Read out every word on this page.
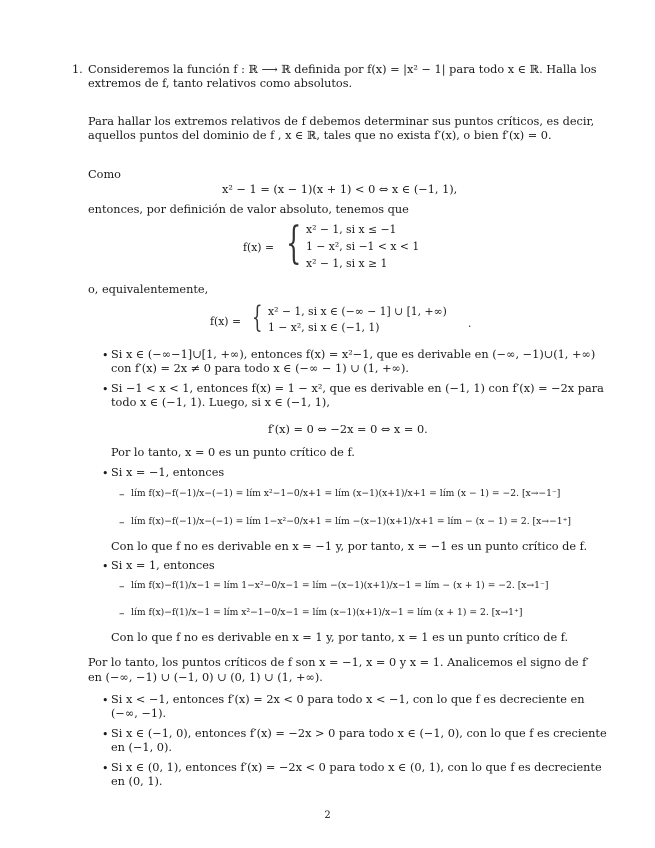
1. Consideremos la función f : ℝ ⟶ ℝ definida por f(x) = |x² − 1| para todo x ∈ ℝ. Halla los
extremos de f, tanto relativos como absolutos.
Para hallar los extremos relativos de f debemos determinar sus puntos críticos, es decir,
aquellos puntos del dominio de f , x ∈ ℝ, tales que no exista f′(x), o bien f′(x) = 0.
Como
x² − 1 = (x − 1)(x + 1) < 0 ⇔ x ∈ (−1, 1),
entonces, por definición de valor absoluto, tenemos que
f(x) = { x² − 1, si x ≤ −1
1 − x², si −1 < x < 1
x² − 1, si x ≥ 1
o, equivalentemente,
f(x) = { x² − 1, si x ∈ (−∞ − 1] ∪ [1, +∞)
1 − x², si x ∈ (−1, 1)	.
• Si x ∈ (−∞−1]∪[1, +∞), entonces f(x) = x²−1, que es derivable en (−∞, −1)∪(1, +∞)
con f′(x) = 2x ≠ 0 para todo x ∈ (−∞ − 1) ∪ (1, +∞).
• Si −1 < x < 1, entonces f(x) = 1 − x², que es derivable en (−1, 1) con f′(x) = −2x para
todo x ∈ (−1, 1). Luego, si x ∈ (−1, 1),
f′(x) = 0 ⇔ −2x = 0 ⇔ x = 0.
Por lo tanto, x = 0 es un punto crítico de f.
• Si x = −1, entonces
– lím f(x)−f(−1)/x−(−1) = lím x²−1−0/x+1 = lím (x−1)(x+1)/x+1 = lím (x − 1) = −2. [x→−1⁻]
– lím f(x)−f(−1)/x−(−1) = lím 1−x²−0/x+1 = lím −(x−1)(x+1)/x+1 = lím − (x − 1) = 2. [x→−1⁺]
Con lo que f no es derivable en x = −1 y, por tanto, x = −1 es un punto crítico de f.
• Si x = 1, entonces
– lím f(x)−f(1)/x−1 = lím 1−x²−0/x−1 = lím −(x−1)(x+1)/x−1 = lím − (x + 1) = −2. [x→1⁻]
– lím f(x)−f(1)/x−1 = lím x²−1−0/x−1 = lím (x−1)(x+1)/x−1 = lím (x + 1) = 2. [x→1⁺]
Con lo que f no es derivable en x = 1 y, por tanto, x = 1 es un punto crítico de f.
Por lo tanto, los puntos críticos de f son x = −1, x = 0 y x = 1. Analicemos el signo de f′
en (−∞, −1) ∪ (−1, 0) ∪ (0, 1) ∪ (1, +∞).
• Si x < −1, entonces f′(x) = 2x < 0 para todo x < −1, con lo que f es decreciente en
(−∞, −1).
• Si x ∈ (−1, 0), entonces f′(x) = −2x > 0 para todo x ∈ (−1, 0), con lo que f es creciente
en (−1, 0).
• Si x ∈ (0, 1), entonces f′(x) = −2x < 0 para todo x ∈ (0, 1), con lo que f es decreciente
en (0, 1).
2
